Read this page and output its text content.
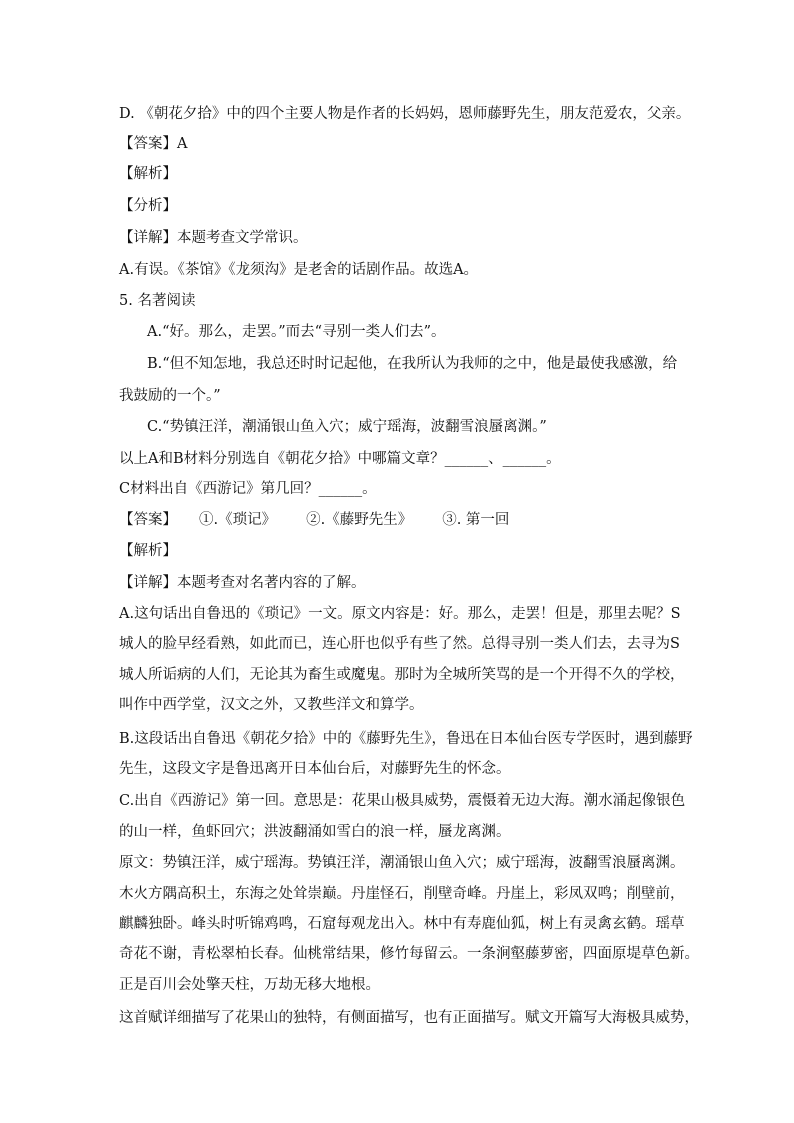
D. 《朝花夕拾》中的四个主要人物是作者的长妈妈，恩师藤野先生，朋友范爱农，父亲。
【答案】A
【解析】
【分析】
【详解】本题考查文学常识。
A.有误。《茶馆》《龙须沟》是老舍的话剧作品。故选A。
5. 名著阅读
A.“好。那么，走罢。”而去“寻别一类人们去”。
B.“但不知怎地，我总还时时记起他，在我所认为我师的之中，他是最使我感激，给
我鼓励的一个。”
C.“势镇汪洋，潮涌银山鱼入穴；威宁瑶海，波翻雪浪蜃离渊。”
以上A和B材料分别选自《朝花夕拾》中哪篇文章？______、______。
C材料出自《西游记》第几回？______。
【答案】 ①.《琐记》 ②.《藤野先生》 ③. 第一回
【解析】
【详解】本题考查对名著内容的了解。
A.这句话出自鲁迅的《琐记》一文。原文内容是：好。那么，走罢！但是，那里去呢？S
城人的脸早经看熟，如此而已，连心肝也似乎有些了然。总得寻别一类人们去，去寻为S
城人所诟病的人们，无论其为畜生或魔鬼。那时为全城所笑骂的是一个开得不久的学校，
叫作中西学堂，汉文之外，又教些洋文和算学。
B.这段话出自鲁迅《朝花夕拾》中的《藤野先生》，鲁迅在日本仙台医专学医时，遇到藤野
先生，这段文字是鲁迅离开日本仙台后，对藤野先生的怀念。
C.出自《西游记》第一回。意思是：花果山极具威势，震慑着无边大海。潮水涌起像银色
的山一样，鱼虾回穴；洪波翻涌如雪白的浪一样，蜃龙离渊。
原文：势镇汪洋，威宁瑶海。势镇汪洋，潮涌银山鱼入穴；威宁瑶海，波翻雪浪蜃离渊。
木火方隅高积土，东海之处耸崇巅。丹崖怪石，削壁奇峰。丹崖上，彩凤双鸣；削壁前，
麒麟独卧。峰头时听锦鸡鸣，石窟每观龙出入。林中有寿鹿仙狐，树上有灵禽玄鹤。瑶草
奇花不谢，青松翠柏长春。仙桃常结果，修竹每留云。一条涧壑藤萝密，四面原堤草色新。
正是百川会处擎天柱，万劫无移大地根。
这首赋详细描写了花果山的独特，有侧面描写，也有正面描写。赋文开篇写大海极具威势，
